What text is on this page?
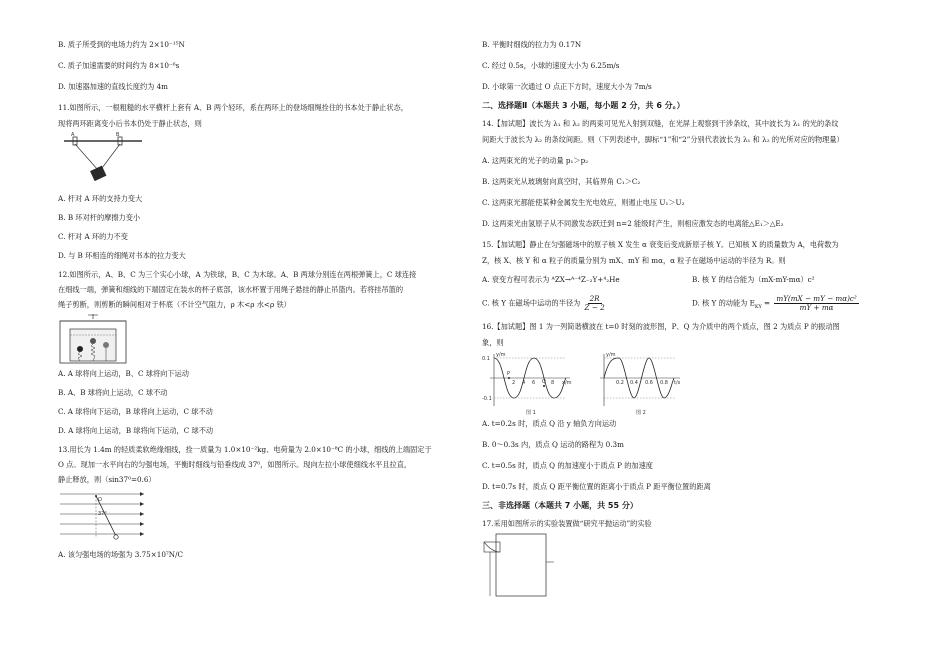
B. 质子所受到的电场力约为 2×10⁻¹⁵N
C. 质子加速需要的时间约为 8×10⁻⁶s
D. 加速器加速的直线长度约为 4m
11.如图所示，一根粗糙的水平横杆上套有 A、B 两个轻环，系在两环上的登场细绳拴住的书本处于静止状态，
现将两环距离变小后书本仍处于静止状态，则
A	B
A. 杆对 A 环的支持力变大
B. B 环对杆的摩擦力变小
C. 杆对 A 环的力不变
D. 与 B 环相连的细绳对书本的拉力变大
12.如图所示，A、B、C 为三个实心小球，A 为铁球，B、C 为木球。A、B 两球分别连在两根弹簧上，C 球连接
在细线一端，弹簧和细线的下端固定在装水的杯子底部，该水杯置于用绳子悬挂的静止吊篮内。若将挂吊篮的
绳子剪断，则剪断的瞬间相对于杯底（不计空气阻力，ρ 木<ρ 水<ρ 铁）
A. A 球将向上运动，B、C 球将向下运动
B. A、B 球将向上运动，C 球不动
C. A 球将向下运动，B 球将向上运动，C 球不动
D. A 球将向上运动，B 球将向下运动，C 球不动
13.用长为 1.4m 的轻质柔软绝缘细线，拴一质量为 1.0×10⁻²kg、电荷量为 2.0×10⁻⁸C 的小球，细线的上端固定于
O 点。现加一水平向右的匀强电场，平衡时细线与铅垂线成 37⁰，如图所示。现向左拉小球使细线水平且拉直，
静止释放，则（sin37⁰=0.6）
O
37°
A. 该匀强电场的场强为 3.75×10⁷N/C
B. 平衡时细线的拉力为 0.17N
C. 经过 0.5s，小球的速度大小为 6.25m/s
D. 小球第一次通过 O 点正下方时，速度大小为 7m/s
二、选择题Ⅱ（本题共 3 小题，每小题 2 分，共 6 分。）
14.【加试题】波长为 λ₁ 和 λ₂ 的两束可见光入射到双缝，在光屏上观察到干涉条纹，其中波长为 λ₁ 的光的条纹
间距大于波长为 λ₂ 的条纹间距。则（下列表述中，脚标“1”和“2”分别代表波长为 λ₁ 和 λ₂ 的光所对应的物理量）
A. 这两束光的光子的动量 p₁＞p₂
B. 这两束光从玻璃射向真空时，其临界角 C₁＞C₂
C. 这两束光都能使某种金属发生光电效应，则遏止电压 U₁＞U₂
D. 这两束光由氢原子从不同激发态跃迁到 n=2 能级时产生，则相应激发态的电离能△E₁＞△E₂
15.【加试题】静止在匀强磁场中的原子核 X 发生 α 衰变后变成新原子核 Y。已知核 X 的质量数为 A，电荷数为
Z，核 X、核 Y 和 α 粒子的质量分别为 mX、mY 和 mα，α 粒子在磁场中运动的半径为 R。则
A. 衰变方程可表示为 ᴬZX→ᴬ⁻⁴Z₋₂Y+⁴₂He	B. 核 Y 的结合能为（mX-mY-mα）c²
C. 核 Y 在磁场中运动的半径为 $\frac{2R}{Z - 2}$	D. 核 Y 的动能为 $E_{KY} = \frac{\text{mY(mX − mY − mα)c²}}{mY + m\alpha}$
16.【加试题】图 1 为一列简谐横波在 t=0 时刻的波形图，P、Q 为介质中的两个质点，图 2 为质点 P 的振动图
象，则
y/m
x/m
0.1
-0.1
P
Q
2 4 6	8
图 1
y/m
t/s
0.2 0.4 0.6 0.8
图 2
A. t=0.2s 时，质点 Q 沿 y 轴负方向运动
B. 0～0.3s 内，质点 Q 运动的路程为 0.3m
C. t=0.5s 时，质点 Q 的加速度小于质点 P 的加速度
D. t=0.7s 时，质点 Q 距平衡位置的距离小于质点 P 距平衡位置的距离
三、非选择题（本题共 7 小题，共 55 分）
17.采用如图所示的实验装置做“研究平抛运动”的实验
